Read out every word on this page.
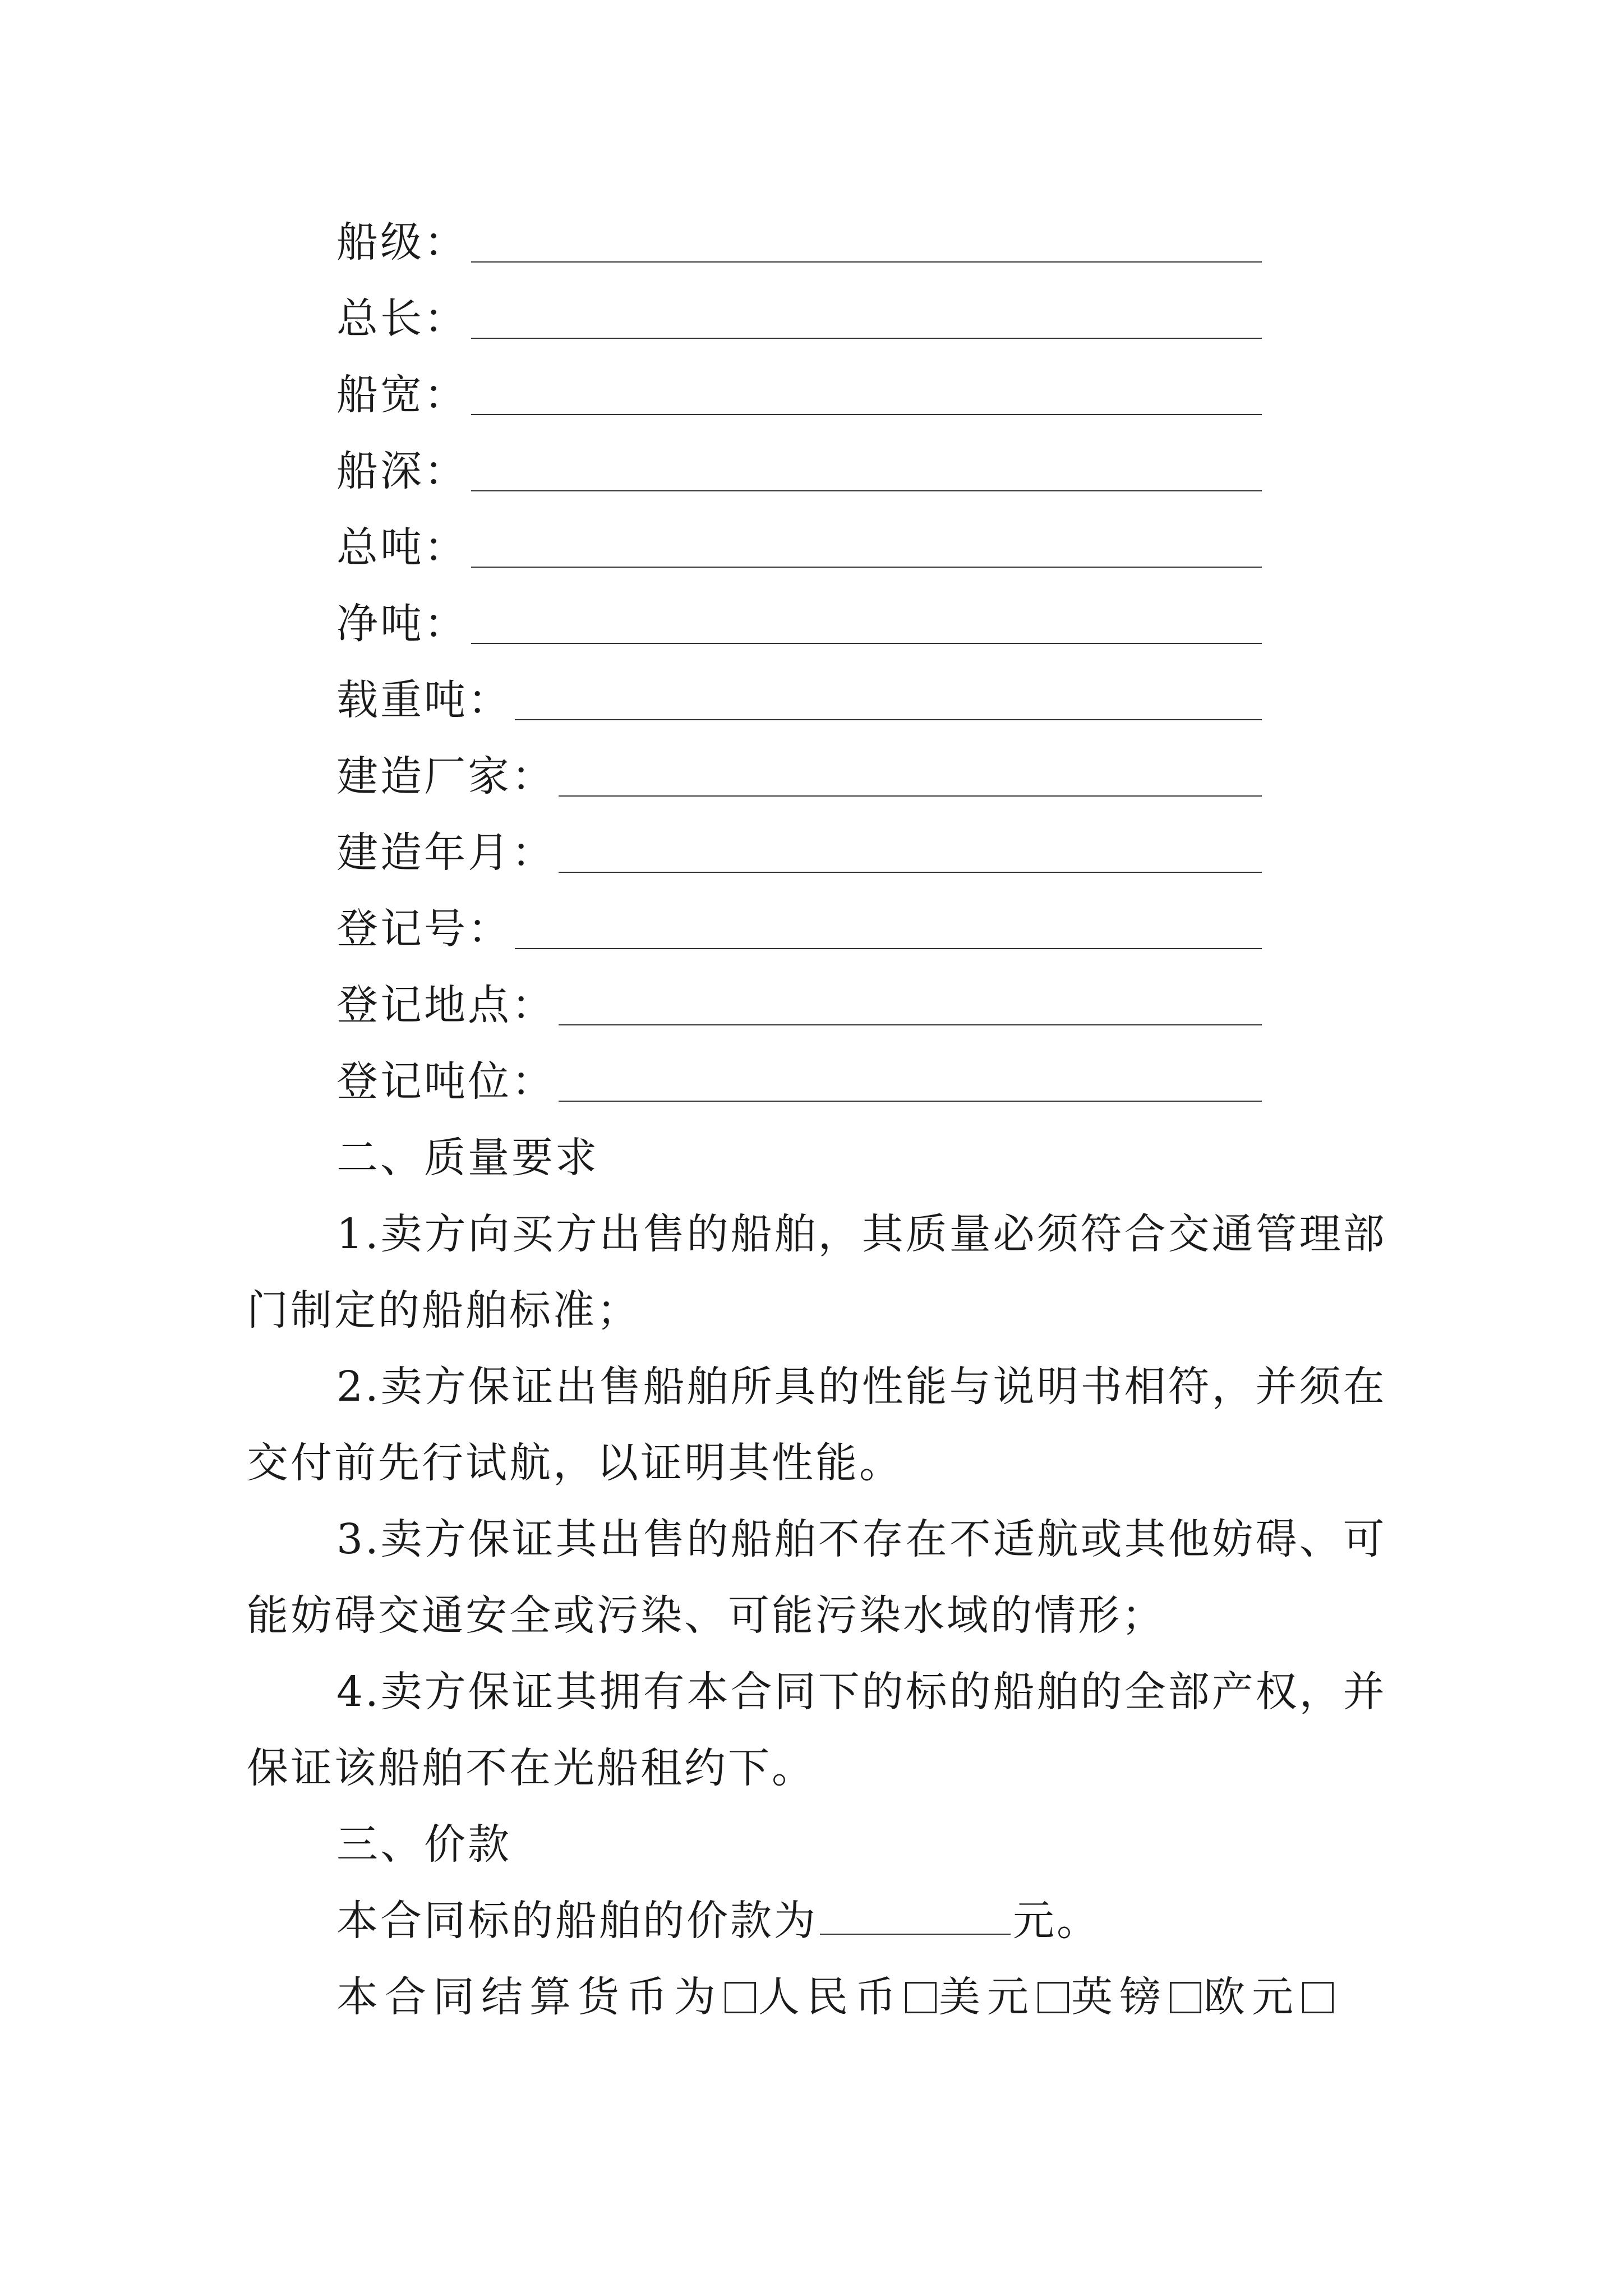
船级：
总长：
船宽：
船深：
总吨：
净吨：
载重吨：
建造厂家：
建造年月：
登记号：
登记地点：
登记吨位：
二、质量要求
1.卖方向买方出售的船舶，其质量必须符合交通管理部
门制定的船舶标准；
2.卖方保证出售船舶所具的性能与说明书相符，并须在
交付前先行试航，以证明其性能。
3.卖方保证其出售的船舶不存在不适航或其他妨碍、可
能妨碍交通安全或污染、可能污染水域的情形；
4.卖方保证其拥有本合同下的标的船舶的全部产权，并
保证该船舶不在光船租约下。
三、价款
本合同标的船舶的价款为	元。
本合同结算货币为 人民币 美元 英镑 欧元
